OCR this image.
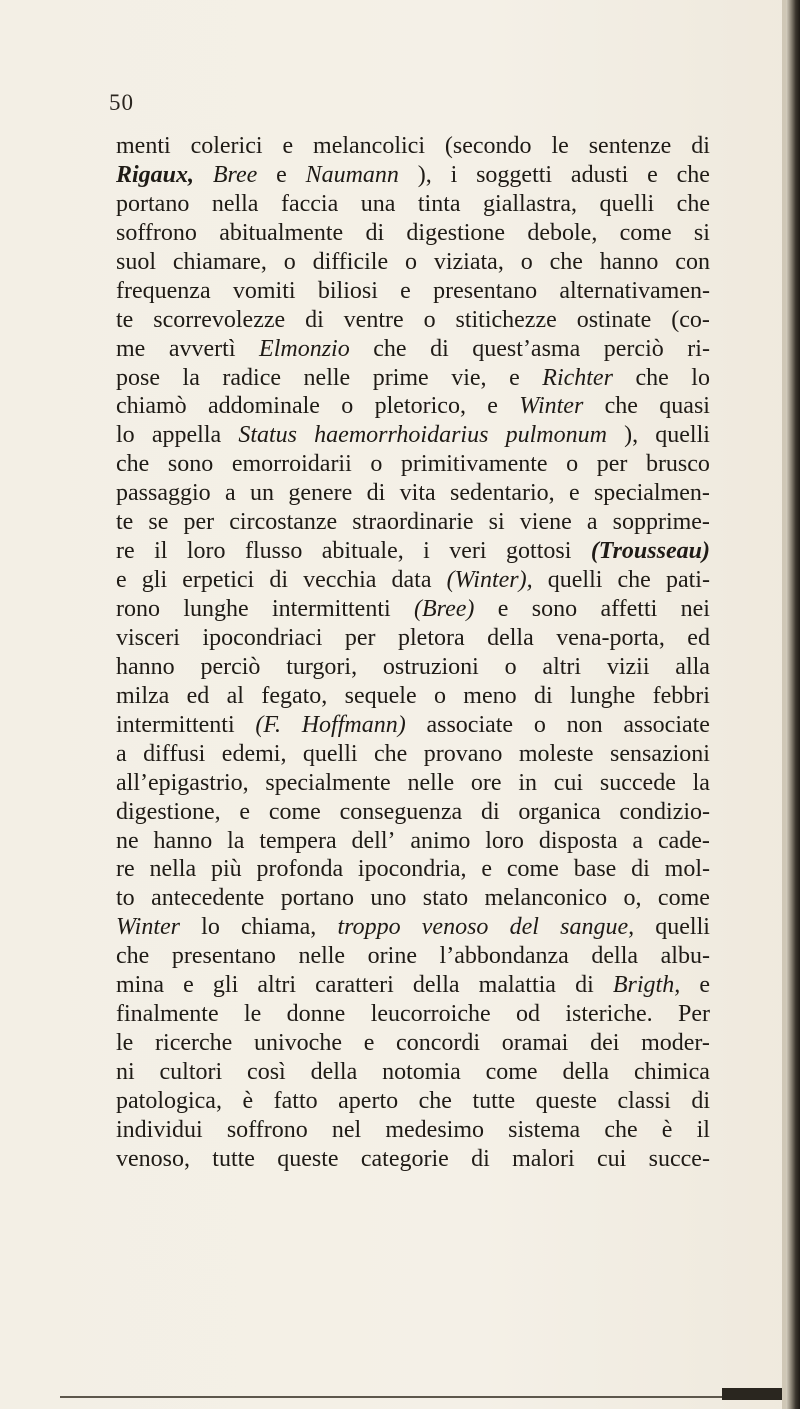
50
menti colerici e melancolici (secondo le sentenze di
Rigaux, Bree e Naumann ), i soggetti adusti e che
portano nella faccia una tinta giallastra, quelli che
soffrono abitualmente di digestione debole, come si
suol chiamare, o difficile o viziata, o che hanno con
frequenza vomiti biliosi e presentano alternativamen-
te scorrevolezze di ventre o stitichezze ostinate (co-
me avvertì Elmonzio che di quest’asma perciò ri-
pose la radice nelle prime vie, e Richter che lo
chiamò addominale o pletorico, e Winter che quasi
lo appella Status haemorrhoidarius pulmonum ), quelli
che sono emorroidarii o primitivamente o per brusco
passaggio a un genere di vita sedentario, e specialmen-
te se per circostanze straordinarie si viene a sopprime-
re il loro flusso abituale, i veri gottosi (Trousseau)
e gli erpetici di vecchia data (Winter), quelli che pati-
rono lunghe intermittenti (Bree) e sono affetti nei
visceri ipocondriaci per pletora della vena-porta, ed
hanno perciò turgori, ostruzioni o altri vizii alla
milza ed al fegato, sequele o meno di lunghe febbri
intermittenti (F. Hoffmann) associate o non associate
a diffusi edemi, quelli che provano moleste sensazioni
all’epigastrio, specialmente nelle ore in cui succede la
digestione, e come conseguenza di organica condizio-
ne hanno la tempera dell’ animo loro disposta a cade-
re nella più profonda ipocondria, e come base di mol-
to antecedente portano uno stato melanconico o, come
Winter lo chiama, troppo venoso del sangue, quelli
che presentano nelle orine l’abbondanza della albu-
mina e gli altri caratteri della malattia di Brigth, e
finalmente le donne leucorroiche od isteriche. Per
le ricerche univoche e concordi oramai dei moder-
ni cultori così della notomia come della chimica
patologica, è fatto aperto che tutte queste classi di
individui soffrono nel medesimo sistema che è il
venoso, tutte queste categorie di malori cui succe-
